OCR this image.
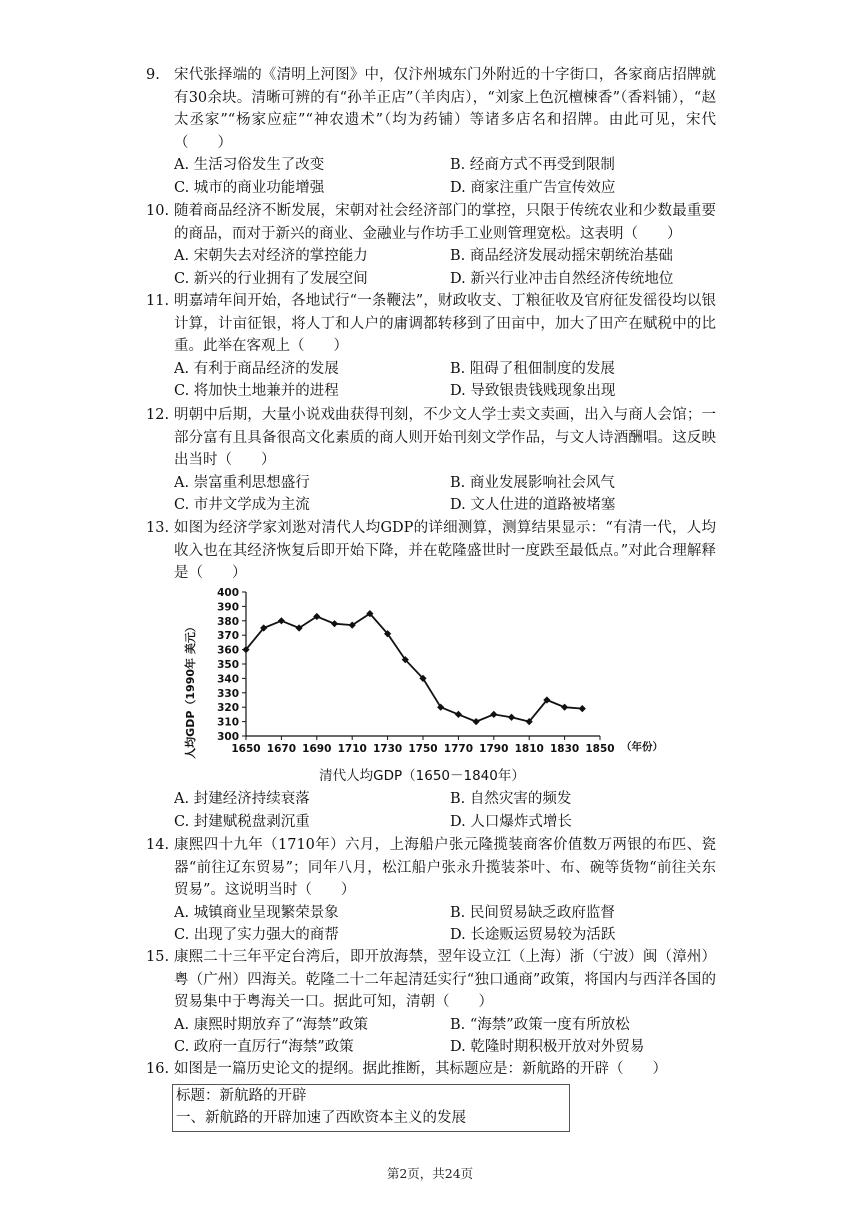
9. 宋代张择端的《清明上河图》中，仅汴州城东门外附近的十字街口，各家商店招牌就有30余块。清晰可辨的有“孙羊正店”（羊肉店），“刘家上色沉檀楝香”（香料铺），“赵太丞家”“杨家应症”“神农遗术”（均为药铺）等诸多店名和招牌。由此可见，宋代（　　）
A. 生活习俗发生了改变	B. 经商方式不再受到限制
C. 城市的商业功能增强	D. 商家注重广告宣传效应
10. 随着商品经济不断发展，宋朝对社会经济部门的掌控，只限于传统农业和少数最重要的商品，而对于新兴的商业、金融业与作坊手工业则管理宽松。这表明（　　）
A. 宋朝失去对经济的掌控能力	B. 商品经济发展动摇宋朝统治基础
C. 新兴的行业拥有了发展空间	D. 新兴行业冲击自然经济传统地位
11. 明嘉靖年间开始，各地试行“一条鞭法”，财政收支、丁粮征收及官府征发徭役均以银计算，计亩征银，将人丁和人户的庸调都转移到了田亩中，加大了田产在赋税中的比重。此举在客观上（　　）
A. 有利于商品经济的发展	B. 阻碍了租佃制度的发展
C. 将加快土地兼并的进程	D. 导致银贵钱贱现象出现
12. 明朝中后期，大量小说戏曲获得刊刻，不少文人学士卖文卖画，出入与商人会馆；一部分富有且具备很高文化素质的商人则开始刊刻文学作品，与文人诗酒酬唱。这反映出当时（　　）
A. 崇富重利思想盛行	B. 商业发展影响社会风气
C. 市井文学成为主流	D. 文人仕进的道路被堵塞
13. 如图为经济学家刘逖对清代人均GDP的详细测算，测算结果显示：“有清一代，人均收入也在其经济恢复后即开始下降，并在乾隆盛世时一度跌至最低点。”对此合理解释是（　　）
300
310
320
330
340
350
360
370
380
390
400
1650 1670 1690 1710 1730 1750 1770 1790 1810 1830 1850
人均GDP（1990年 美元）	（年份）
清代人均GDP（1650－1840年）
A. 封建经济持续衰落	B. 自然灾害的频发
C. 封建赋税盘剥沉重	D. 人口爆炸式增长
14. 康熙四十九年（1710年）六月，上海船户张元隆揽装商客价值数万两银的布匹、瓷器“前往辽东贸易”；同年八月，松江船户张永升揽装茶叶、布、碗等货物“前往关东贸易”。这说明当时（　　）
A. 城镇商业呈现繁荣景象	B. 民间贸易缺乏政府监督
C. 出现了实力强大的商帮	D. 长途贩运贸易较为活跃
15. 康熙二十三年平定台湾后，即开放海禁，翌年设立江（上海）浙（宁波）闽（漳州）粤（广州）四海关。乾隆二十二年起清廷实行“独口通商”政策，将国内与西洋各国的贸易集中于粤海关一口。据此可知，清朝（　　）
A. 康熙时期放弃了“海禁”政策	B. “海禁”政策一度有所放松
C. 政府一直厉行“海禁”政策	D. 乾隆时期积极开放对外贸易
16. 如图是一篇历史论文的提纲。据此推断，其标题应是：新航路的开辟（　　）
标题：新航路的开辟
一、新航路的开辟加速了西欧资本主义的发展
第2页，共24页
